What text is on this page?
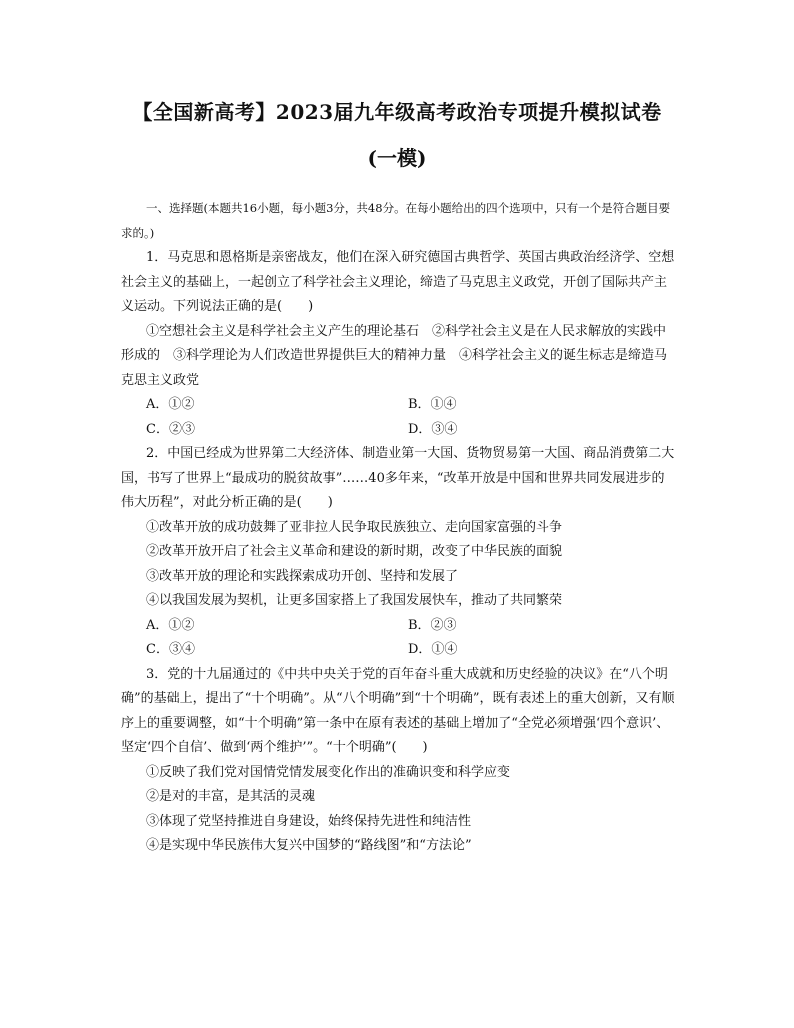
【全国新高考】2023届九年级高考政治专项提升模拟试卷
(一模)

一、选择题(本题共16小题，每小题3分，共48分。在每小题给出的四个选项中，只有一个是符合题目要求的。)

1．马克思和恩格斯是亲密战友，他们在深入研究德国古典哲学、英国古典政治经济学、空想社会主义的基础上，一起创立了科学社会主义理论，缔造了马克思主义政党，开创了国际共产主义运动。下列说法正确的是(　　)

①空想社会主义是科学社会主义产生的理论基石　②科学社会主义是在人民求解放的实践中形成的　③科学理论为人们改造世界提供巨大的精神力量　④科学社会主义的诞生标志是缔造马克思主义政党

A．①②	B．①④
C．②③	D．③④

2．中国已经成为世界第二大经济体、制造业第一大国、货物贸易第一大国、商品消费第二大国，书写了世界上“最成功的脱贫故事”……40多年来，“改革开放是中国和世界共同发展进步的伟大历程”，对此分析正确的是(　　)

①改革开放的成功鼓舞了亚非拉人民争取民族独立、走向国家富强的斗争

②改革开放开启了社会主义革命和建设的新时期，改变了中华民族的面貌

③改革开放的理论和实践探索成功开创、坚持和发展了

④以我国发展为契机，让更多国家搭上了我国发展快车，推动了共同繁荣

A．①②	B．②③
C．③④	D．①④

3．党的十九届通过的《中共中央关于党的百年奋斗重大成就和历史经验的决议》在“八个明确”的基础上，提出了“十个明确”。从“八个明确”到“十个明确”，既有表述上的重大创新，又有顺序上的重要调整，如“十个明确”第一条中在原有表述的基础上增加了“全党必须增强‘四个意识’、坚定‘四个自信’、做到‘两个维护’”。“十个明确”(　　)

①反映了我们党对国情党情发展变化作出的准确识变和科学应变

②是对的丰富，是其活的灵魂

③体现了党坚持推进自身建设，始终保持先进性和纯洁性

④是实现中华民族伟大复兴中国梦的“路线图”和“方法论”
